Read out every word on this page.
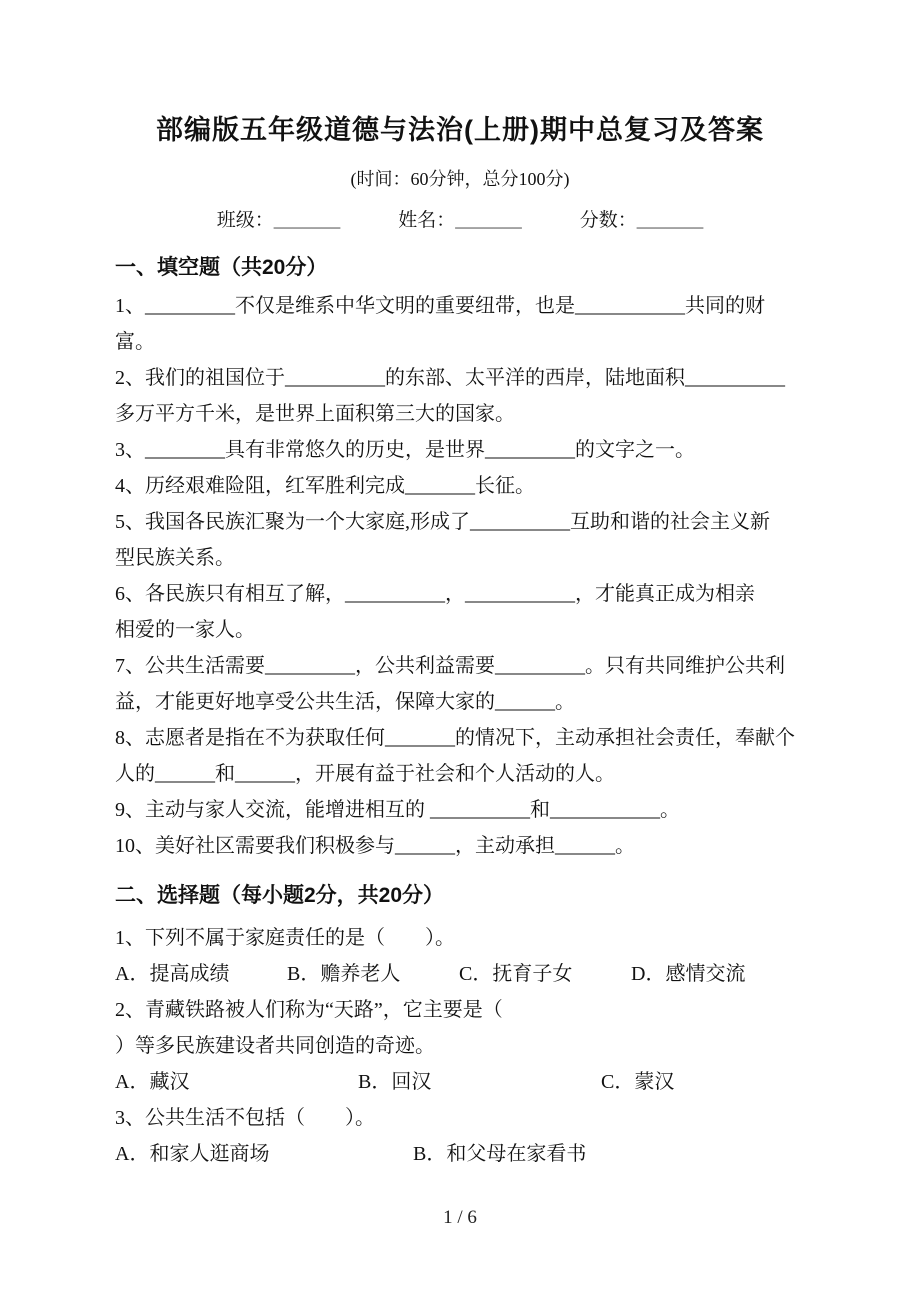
部编版五年级道德与法治(上册)期中总复习及答案
(时间：60分钟，总分100分)
班级：_______	姓名：_______	分数：_______
一、填空题（共20分）
1、_________不仅是维系中华文明的重要纽带，也是___________共同的财
富。
2、我们的祖国位于__________的东部、太平洋的西岸，陆地面积__________
多万平方千米，是世界上面积第三大的国家。
3、________具有非常悠久的历史，是世界_________的文字之一。
4、历经艰难险阻，红军胜利完成_______长征。
5、我国各民族汇聚为一个大家庭,形成了__________互助和谐的社会主义新
型民族关系。
6、各民族只有相互了解，__________，___________，才能真正成为相亲
相爱的一家人。
7、公共生活需要_________，公共利益需要_________。只有共同维护公共利
益，才能更好地享受公共生活，保障大家的______。
8、志愿者是指在不为获取任何_______的情况下，主动承担社会责任，奉献个
人的______和______，开展有益于社会和个人活动的人。
9、主动与家人交流，能增进相互的 __________和___________。
10、美好社区需要我们积极参与______，主动承担______。
二、选择题（每小题2分，共20分）
1、下列不属于家庭责任的是（　　）。
A．提高成绩	B．赡养老人	C．抚育子女	D．感情交流
2、青藏铁路被人们称为“天路”，它主要是（
）等多民族建设者共同创造的奇迹。
A．藏汉	B．回汉	C．蒙汉
3、公共生活不包括（　　）。
A．和家人逛商场	B．和父母在家看书
1 / 6
